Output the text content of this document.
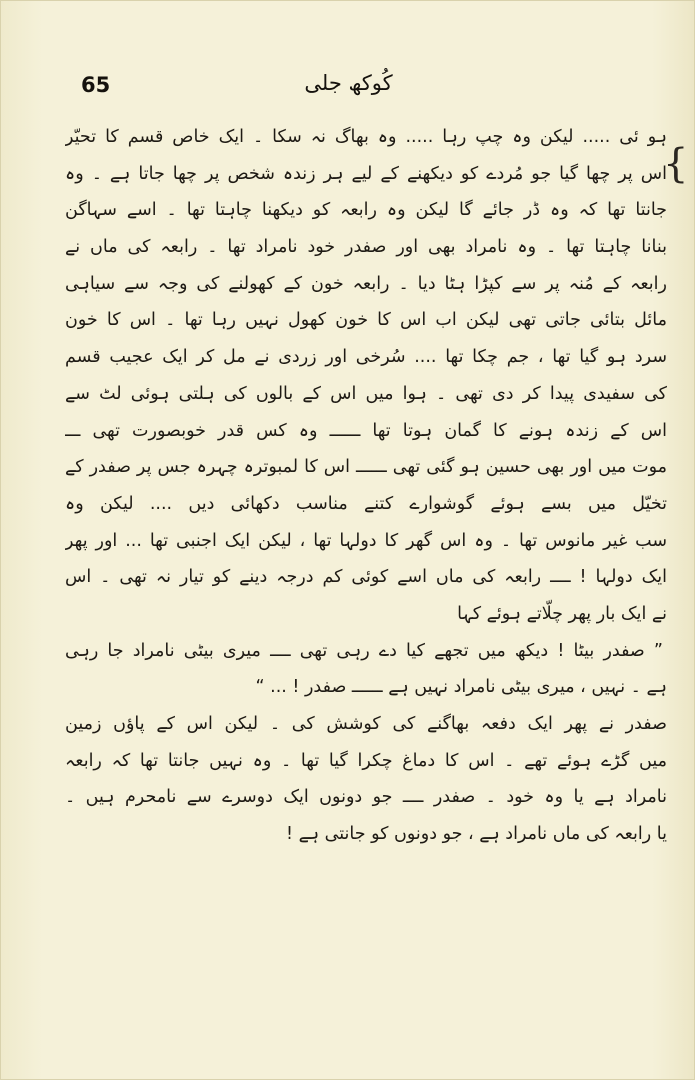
65	کُوکھ جلی
{
ہو ئی ..... لیکن وہ چپ رہا ..... وہ بھاگ نہ سکا ۔ ایک خاص قسم کا تحیّر
اس پر چھا گیا جو مُردے کو دیکھنے کے لیے ہر زندہ شخص پر چھا جاتا ہے ۔ وہ
جانتا تھا کہ وہ ڈر جائے گا لیکن وہ رابعہ کو دیکھنا چاہتا تھا ۔ اسے سہاگن
بنانا چاہتا تھا ۔ وہ نامراد بھی اور صفدر خود نامراد تھا ۔ رابعہ کی ماں نے
رابعہ کے مُنہ پر سے کپڑا ہٹا دیا ۔ رابعہ خون کے کھولنے کی وجہ سے سیاہی
مائل بتائی جاتی تھی لیکن اب اس کا خون کھول نہیں رہا تھا ۔ اس کا خون
سرد ہو گیا تھا ، جم چکا تھا .... سُرخی اور زردی نے مل کر ایک عجیب قسم
کی سفیدی پیدا کر دی تھی ۔ ہوا میں اس کے بالوں کی ہلتی ہوئی لٹ سے
اس کے زندہ ہونے کا گمان ہوتا تھا ــــــ وہ کس قدر خوبصورت تھی ـــ
موت میں اور بھی حسین ہو گئی تھی ــــــ اس کا لمبوترہ چہرہ جس پر صفدر کے
تخیّل میں بسے ہوئے گوشوارے کتنے مناسب دکھائی دیں .... لیکن وہ
سب غیر مانوس تھا ۔ وہ اس گھر کا دولہا تھا ، لیکن ایک اجنبی تھا ... اور پھر
ایک دولہا ! ــــ رابعہ کی ماں اسے کوئی کم درجہ دینے کو تیار نہ تھی ۔ اس
نے ایک بار پھر چلّاتے ہوئے کہا
” صفدر بیٹا ! دیکھ میں تجھے کیا دے رہی تھی ــــ میری بیٹی نامراد جا رہی
ہے ۔ نہیں ، میری بیٹی نامراد نہیں ہے ــــــ صفدر ! ... “
صفدر نے پھر ایک دفعہ بھاگنے کی کوشش کی ۔ لیکن اس کے پاؤں زمین
میں گڑے ہوئے تھے ۔ اس کا دماغ چکرا گیا تھا ۔ وہ نہیں جانتا تھا کہ رابعہ
نامراد ہے یا وہ خود ۔ صفدر ــــ جو دونوں ایک دوسرے سے نامحرم ہیں ۔
یا رابعہ کی ماں نامراد ہے ، جو دونوں کو جانتی ہے !
